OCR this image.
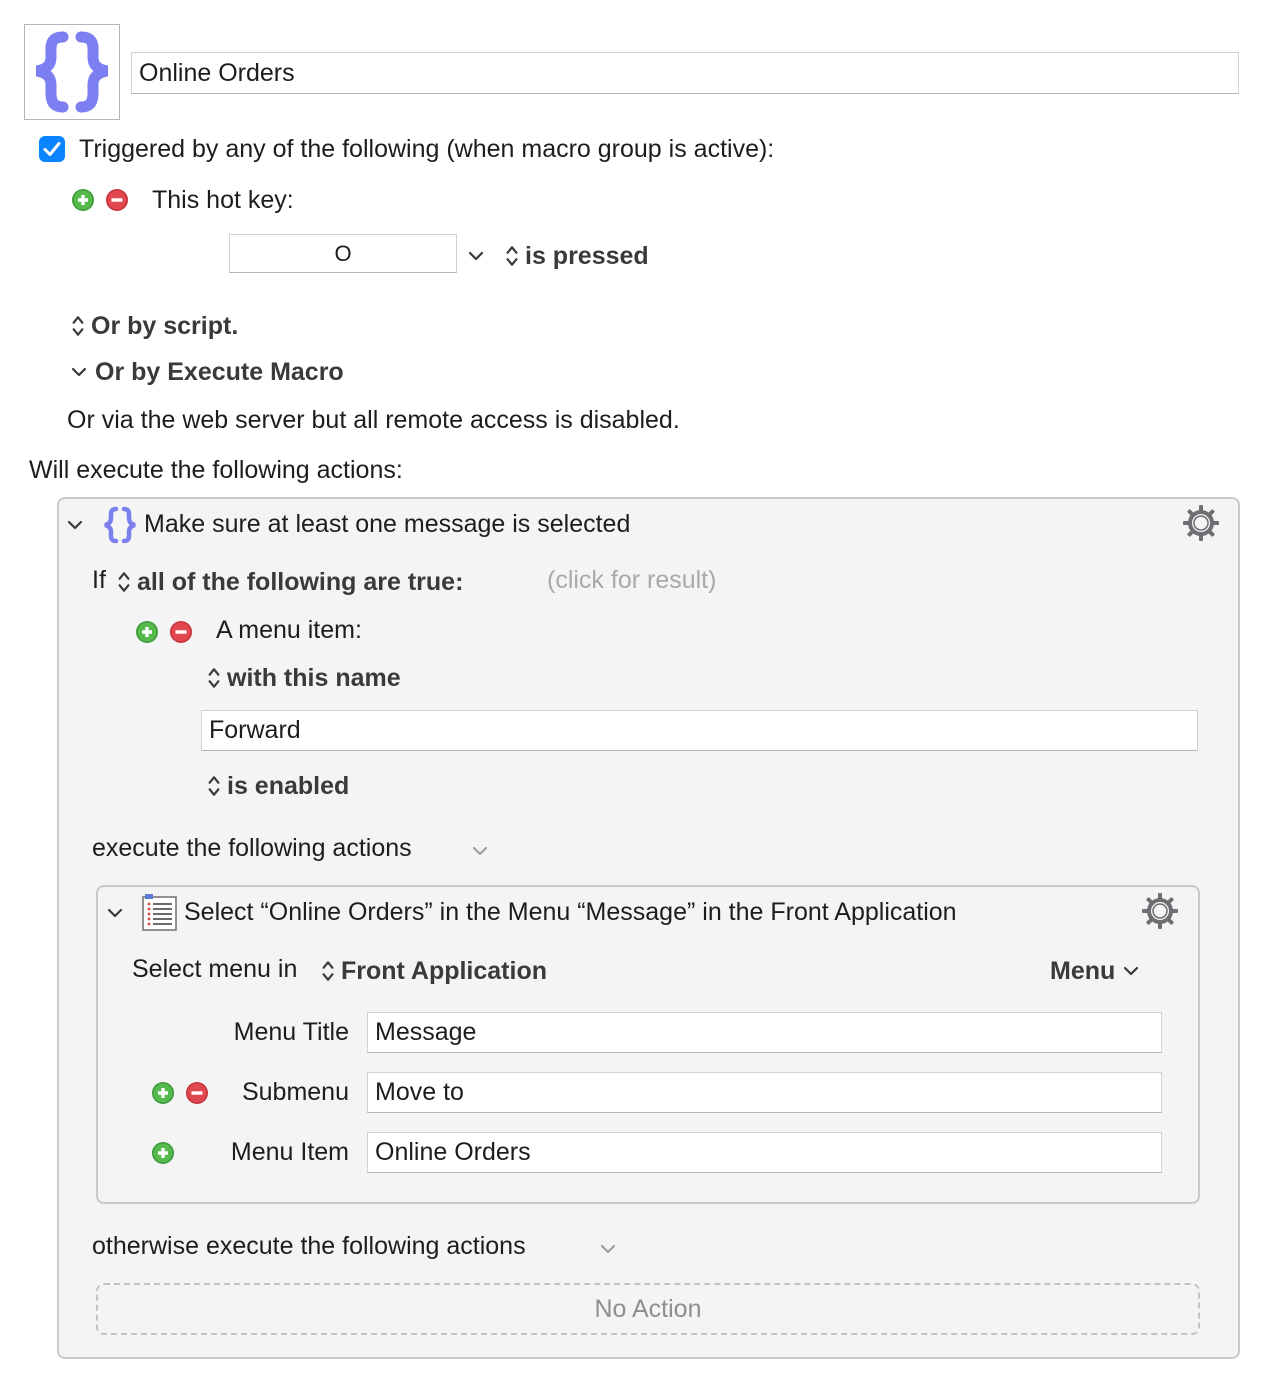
Online Orders
Triggered by any of the following (when macro group is active):
This hot key:
O	is pressed
Or by script.
Or by Execute Macro
Or via the web server but all remote access is disabled.
Will execute the following actions:
Make sure at least one message is selected
If	all of the following are true:	(click for result)
A menu item:
with this name
Forward
is enabled
execute the following actions
Select “Online Orders” in the Menu “Message” in the Front Application
Select menu in	Front Application	Menu
Menu Title Message
Submenu Move to
Menu Item Online Orders
otherwise execute the following actions
No Action
